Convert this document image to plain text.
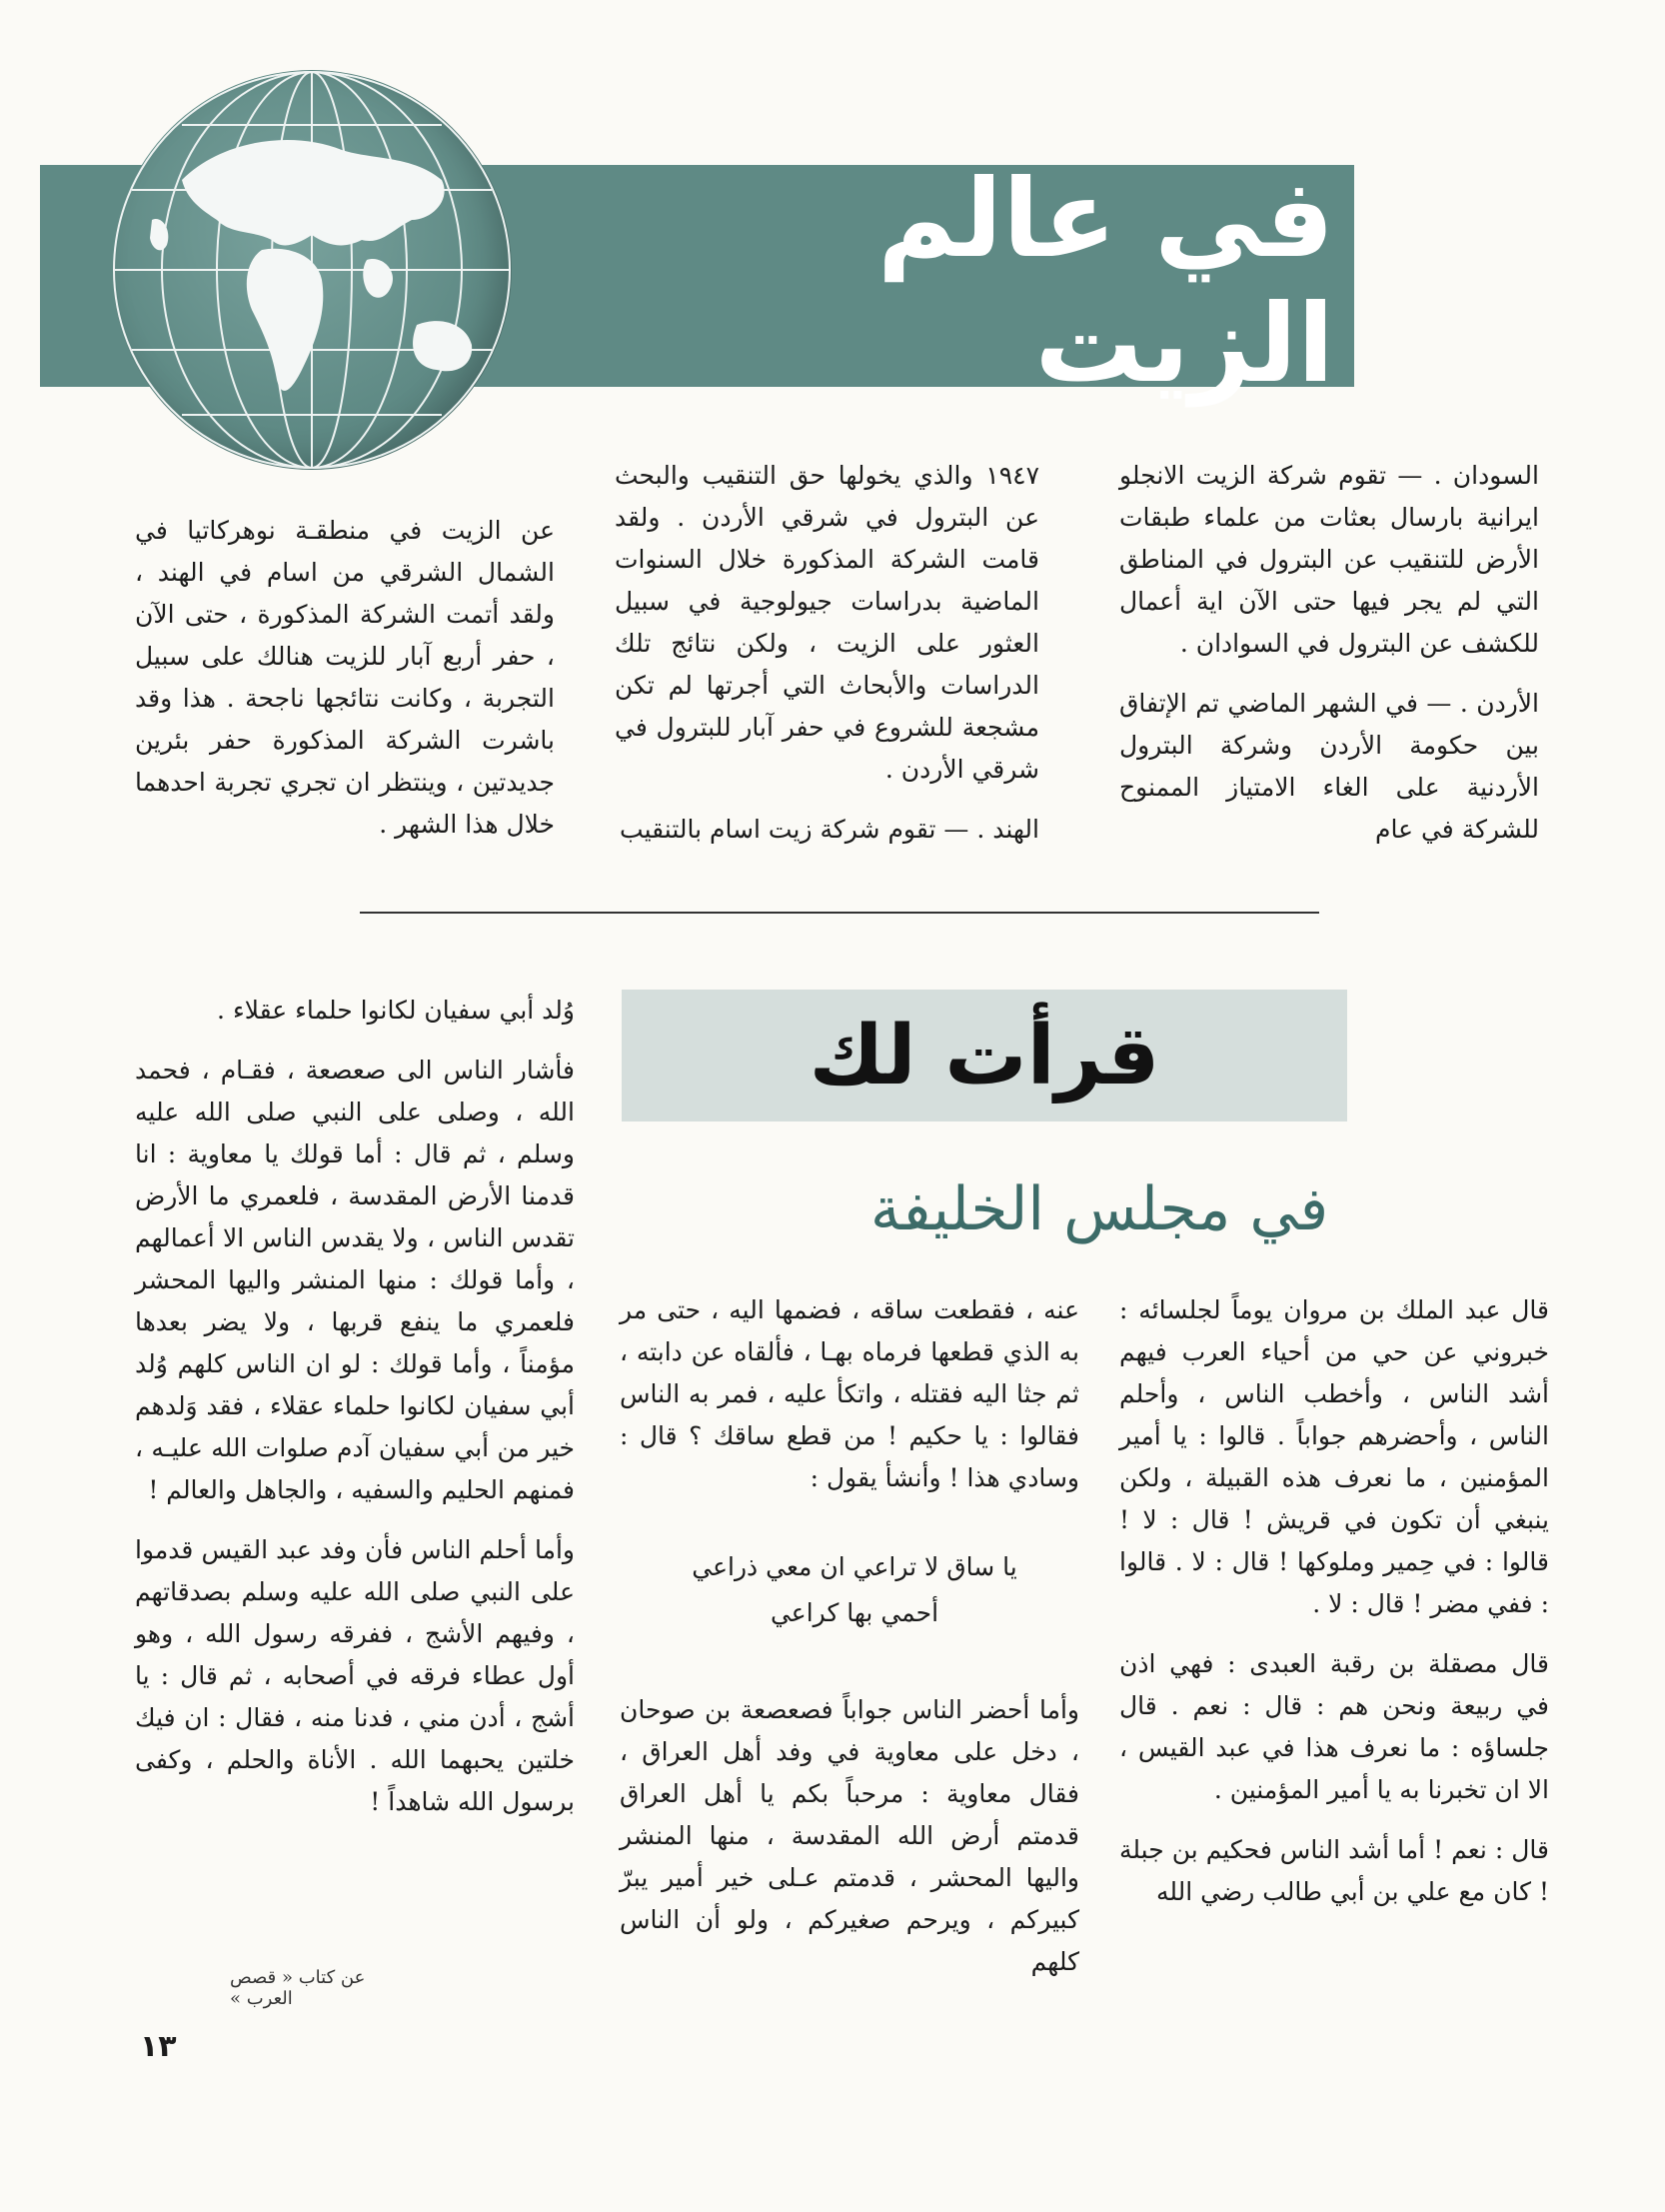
في عالم الزيت

السودان . — تقوم شركة الزيت الانجلو ايرانية بارسال بعثات من علماء طبقات الأرض للتنقيب عن البترول في المناطق التي لم يجر فيها حتى الآن اية أعمال للكشف عن البترول في السوادان .

الأردن . — في الشهر الماضي تم الإتفاق بين حكومة الأردن وشركة البترول الأردنية على الغاء الامتياز الممنوح للشركة في عام

١٩٤٧ والذي يخولها حق التنقيب والبحث عن البترول في شرقي الأردن . ولقد قامت الشركة المذكورة خلال السنوات الماضية بدراسات جيولوجية في سبيل العثور على الزيت ، ولكن نتائج تلك الدراسات والأبحاث التي أجرتها لم تكن مشجعة للشروع في حفر آبار للبترول في شرقي الأردن .

الهند . — تقوم شركة زيت اسام بالتنقيب

عن الزيت في منطقـة نوهركاتيا في الشمال الشرقي من اسام في الهند ، ولقد أتمت الشركة المذكورة ، حتى الآن ، حفر أربع آبار للزيت هنالك على سبيل التجربة ، وكانت نتائجها ناجحة . هذا وقد باشرت الشركة المذكورة حفر بئرين جديدتين ، وينتظر ان تجري تجربة احدهما خلال هذا الشهر .

قرأت لك
في مجلس الخليفة

قال عبد الملك بن مروان يوماً لجلسائه : خبروني عن حي من أحياء العرب فيهم أشد الناس ، وأخطب الناس ، وأحلم الناس ، وأحضرهم جواباً . قالوا : يا أمير المؤمنين ، ما نعرف هذه القبيلة ، ولكن ينبغي أن تكون في قريش ! قال : لا ! قالوا : في حِمير وملوكها ! قال : لا . قالوا : ففي مضر ! قال : لا .

قال مصقلة بن رقبة العبدى : فهي اذن في ربيعة ونحن هم : قال : نعم . قال جلساؤه : ما نعرف هذا في عبد القيس ، الا ان تخبرنا به يا أمير المؤمنين .

قال : نعم ! أما أشد الناس فحكيم بن جبلة ! كان مع علي بن أبي طالب رضي الله

عنه ، فقطعت ساقه ، فضمها اليه ، حتى مر به الذي قطعها فرماه بهـا ، فألقاه عن دابته ، ثم جثا اليه فقتله ، واتكأ عليه ، فمر به الناس فقالوا : يا حكيم ! من قطع ساقك ؟ قال : وسادي هذا ! وأنشأ يقول :

يا ساق لا تراعي ان معي ذراعي
أحمي بها كراعي

وأما أحضر الناس جواباً فصعصعة بن صوحان ، دخل على معاوية في وفد أهل العراق ، فقال معاوية : مرحباً بكم يا أهل العراق قدمتم أرض الله المقدسة ، منها المنشر واليها المحشر ، قدمتم عـلى خير أمير يبرّ كبيركم ، ويرحم صغيركم ، ولو أن الناس كلهم

وُلد أبي سفيان لكانوا حلماء عقلاء .

فأشار الناس الى صعصعة ، فقـام ، فحمد الله ، وصلى على النبي صلى الله عليه وسلم ، ثم قال : أما قولك يا معاوية : انا قدمنا الأرض المقدسة ، فلعمري ما الأرض تقدس الناس ، ولا يقدس الناس الا أعمالهم ، وأما قولك : منها المنشر واليها المحشر فلعمري ما ينفع قربها ، ولا يضر بعدها مؤمناً ، وأما قولك : لو ان الناس كلهم وُلد أبي سفيان لكانوا حلماء عقلاء ، فقد وَلدهم خير من أبي سفيان آدم صلوات الله عليـه ، فمنهم الحليم والسفيه ، والجاهل والعالم !

وأما أحلم الناس فأن وفد عبد القيس قدموا على النبي صلى الله عليه وسلم بصدقاتهم ، وفيهم الأشج ، ففرقه رسول الله ، وهو أول عطاء فرقه في أصحابه ، ثم قال : يا أشج ، أدن مني ، فدنا منه ، فقال : ان فيك خلتين يحبهما الله . الأناة والحلم ، وكفى برسول الله شاهداً !

عن كتاب « قصص العرب »
١٣
